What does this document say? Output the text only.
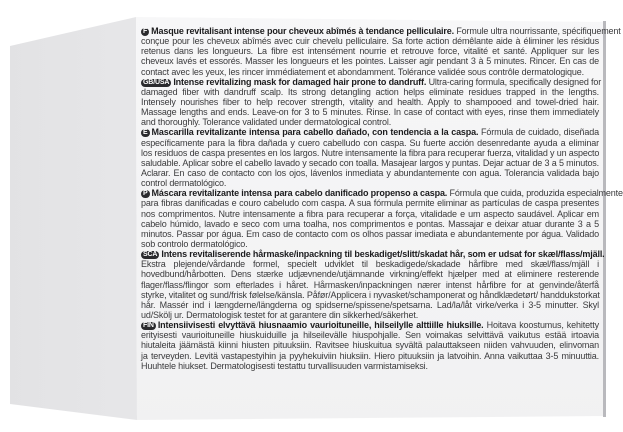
F Masque revitalisant intense pour cheveux abîmés à tendance pelliculaire. Formule ultra nourrissante, spécifiquement
conçue pour les cheveux abîmés avec cuir chevelu pelliculaire. Sa forte action démêlante aide à éliminer les résidus
retenus dans les longueurs. La fibre est intensément nourrie et retrouve force, vitalité et santé. Appliquer sur les
cheveux lavés et essorés. Masser les longueurs et les pointes. Laisser agir pendant 3 à 5 minutes. Rincer. En cas de
contact avec les yeux, les rincer immédiatement et abondamment. Tolérance validée sous contrôle dermatologique.
GB/USA Intense revitalizing mask for damaged hair prone to dandruff. Ultra-caring formula, specifically designed for
damaged fiber with dandruff scalp. Its strong detangling action helps eliminate residues trapped in the lengths.
Intensely nourishes fiber to help recover strength, vitality and health. Apply to shampooed and towel-dried hair.
Massage lengths and ends. Leave-on for 3 to 5 minutes. Rinse. In case of contact with eyes, rinse them immediately
and thoroughly. Tolerance validated under dermatological control.
E Mascarilla revitalizante intensa para cabello dañado, con tendencia a la caspa. Fórmula de cuidado, diseñada
específicamente para la fibra dañada y cuero cabelludo con caspa. Su fuerte acción desenredante ayuda a eliminar
los residuos de caspa presentes en los largos. Nutre intensamente la fibra para recuperar fuerza, vitalidad y un aspecto
saludable. Aplicar sobre el cabello lavado y secado con toalla. Masajear largos y puntas. Dejar actuar de 3 a 5 minutos.
Aclarar. En caso de contacto con los ojos, lávenlos inmediata y abundantemente con agua. Tolerancia validada bajo
control dermatológico.
P Máscara revitalizante intensa para cabelo danificado propenso a caspa. Fórmula que cuida, produzida especialmente
para fibras danificadas e couro cabeludo com caspa. A sua fórmula permite eliminar as partículas de caspa presentes
nos comprimentos. Nutre intensamente a fibra para recuperar a força, vitalidade e um aspecto saudável. Aplicar em
cabelo húmido, lavado e seco com uma toalha, nos comprimentos e pontas. Massajar e deixar atuar durante 3 a 5
minutos. Passar por água. Em caso de contacto com os olhos passar imediata e abundantemente por água. Validado
sob controlo dermatológico.
SCA Intens revitaliserende hårmaske/inpackning til beskadiget/slitt/skadat hår, som er udsat for skæl/flass/mjäll.
Ekstra plejende/vårdande formel, specielt udviklet til beskadigede/skadade hårfibre med skæl/flass/mjäll i
hovedbund/hårbotten. Dens stærke udjævnende/utjämnande virkning/effekt hjælper med at eliminere resterende
flager/flass/flingor som efterlades i håret. Hårmasken/inpackningen nærer intenst hårfibre for at genvinde/återfå
styrke, vitalitet og sund/frisk følelse/känsla. Påfør/Applicera i nyvasket/schamponerat og håndklædetørt/ handdukstorkat
hår. Massér ind i længderne/längderna og spidserne/spissene/spetsarna. Lad/la/låt virke/verka i 3-5 minutter. Skyl
ud/Skölj ur. Dermatologisk testet for at garantere din sikkerhed/säkerhet.
FIN Intensiivisesti elvyttävä hiusnaamio vaurioituneille, hilseilylle alttiille hiuksille. Hoitava koostumus, kehitetty
erityisesti vaurioituneille hiuskuiduille ja hilseilevälle hiuspohjalle. Sen voimakas selvittävä vaikutus estää irtoavia
hiutaleita jäämästä kiinni hiusten pituuksiin. Ravitsee hiuskuitua syvältä palauttakseen niiden vahvuuden, elinvoman
ja terveyden. Levitä vastapestyihin ja pyyhekuiviin hiuksiin. Hiero pituuksiin ja latvoihin. Anna vaikuttaa 3-5 minuuttia.
Huuhtele hiukset. Dermatologisesti testattu turvallisuuden varmistamiseksi.
